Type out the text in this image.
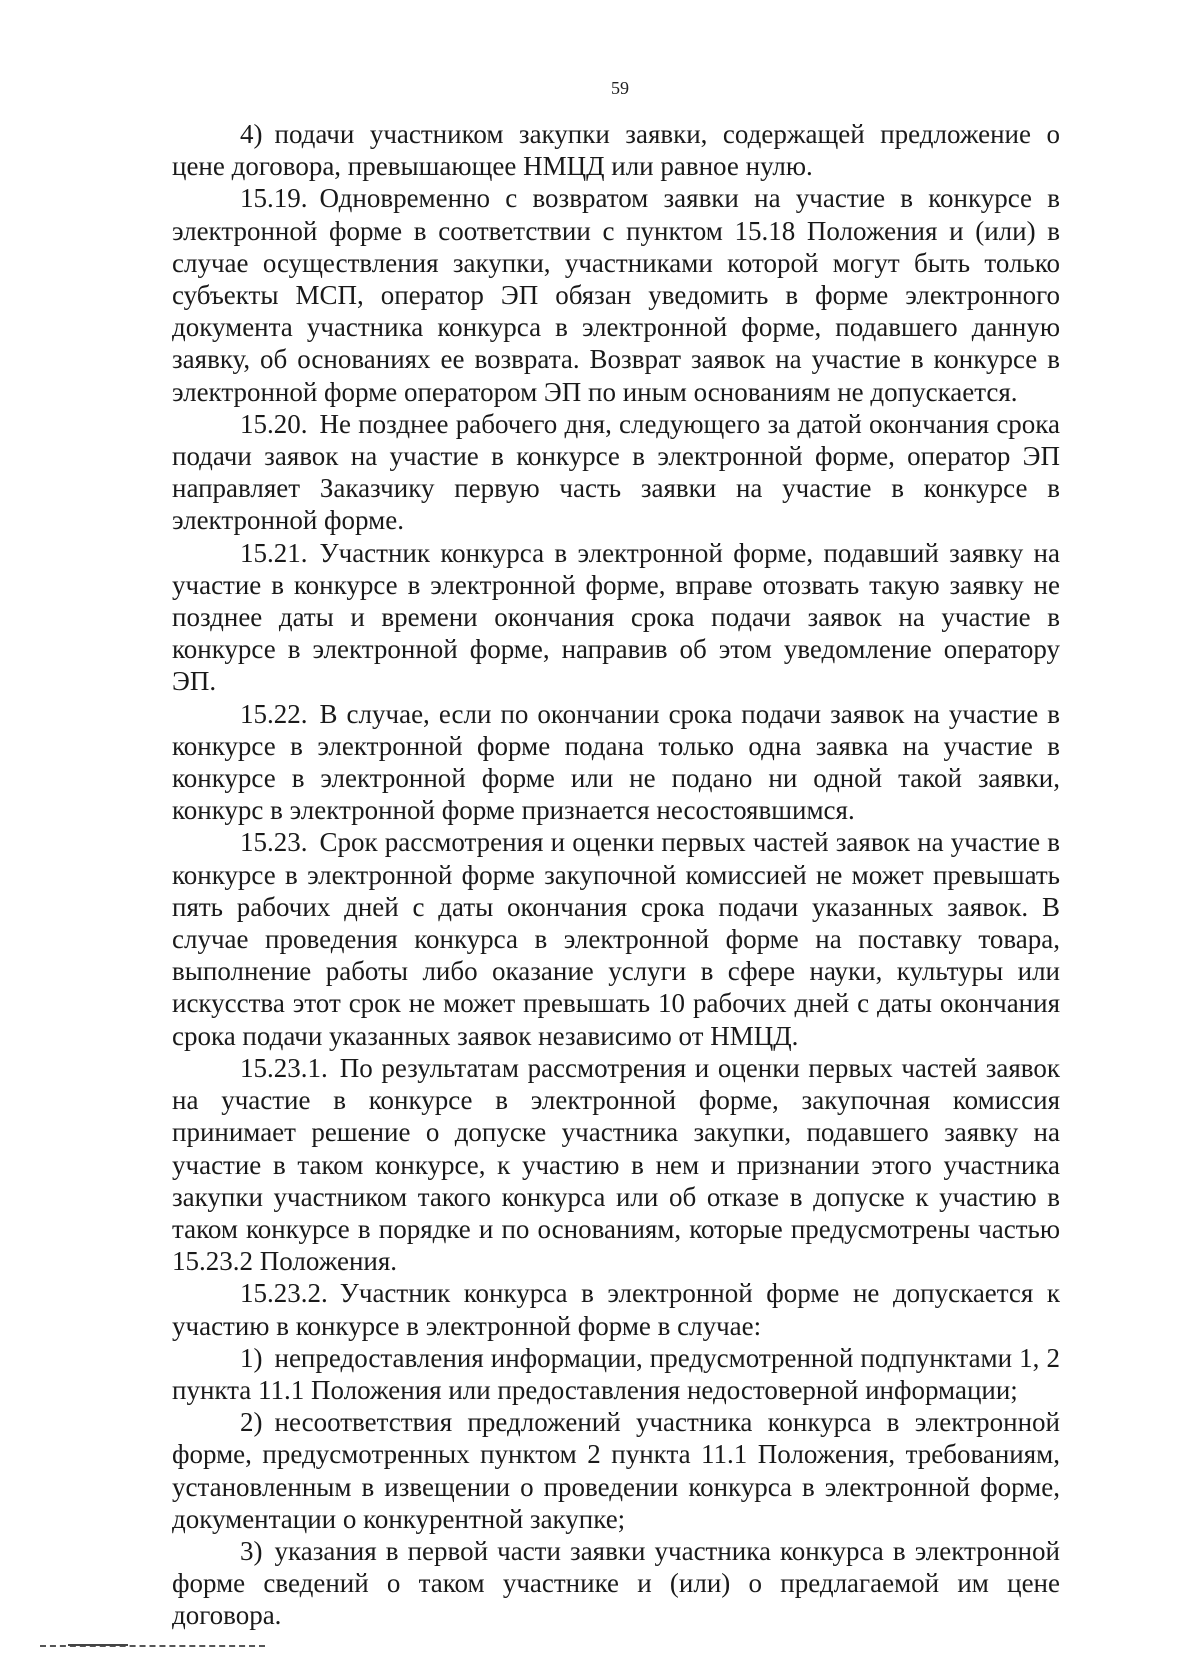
59

4) подачи участником закупки заявки, содержащей предложение о цене договора, превышающее НМЦД или равное нулю.

15.19. Одновременно с возвратом заявки на участие в конкурсе в электронной форме в соответствии с пунктом 15.18 Положения и (или) в случае осуществления закупки, участниками которой могут быть только субъекты МСП, оператор ЭП обязан уведомить в форме электронного документа участника конкурса в электронной форме, подавшего данную заявку, об основаниях ее возврата. Возврат заявок на участие в конкурсе в электронной форме оператором ЭП по иным основаниям не допускается.

15.20. Не позднее рабочего дня, следующего за датой окончания срока подачи заявок на участие в конкурсе в электронной форме, оператор ЭП направляет Заказчику первую часть заявки на участие в конкурсе в электронной форме.

15.21. Участник конкурса в электронной форме, подавший заявку на участие в конкурсе в электронной форме, вправе отозвать такую заявку не позднее даты и времени окончания срока подачи заявок на участие в конкурсе в электронной форме, направив об этом уведомление оператору ЭП.

15.22. В случае, если по окончании срока подачи заявок на участие в конкурсе в электронной форме подана только одна заявка на участие в конкурсе в электронной форме или не подано ни одной такой заявки, конкурс в электронной форме признается несостоявшимся.

15.23. Срок рассмотрения и оценки первых частей заявок на участие в конкурсе в электронной форме закупочной комиссией не может превышать пять рабочих дней с даты окончания срока подачи указанных заявок. В случае проведения конкурса в электронной форме на поставку товара, выполнение работы либо оказание услуги в сфере науки, культуры или искусства этот срок не может превышать 10 рабочих дней с даты окончания срока подачи указанных заявок независимо от НМЦД.

15.23.1. По результатам рассмотрения и оценки первых частей заявок на участие в конкурсе в электронной форме, закупочная комиссия принимает решение о допуске участника закупки, подавшего заявку на участие в таком конкурсе, к участию в нем и признании этого участника закупки участником такого конкурса или об отказе в допуске к участию в таком конкурсе в порядке и по основаниям, которые предусмотрены частью 15.23.2 Положения.

15.23.2. Участник конкурса в электронной форме не допускается к участию в конкурсе в электронной форме в случае:

1) непредоставления информации, предусмотренной подпунктами 1, 2 пункта 11.1 Положения или предоставления недостоверной информации;

2) несоответствия предложений участника конкурса в электронной форме, предусмотренных пунктом 2 пункта 11.1 Положения, требованиям, установленным в извещении о проведении конкурса в электронной форме, документации о конкурентной закупке;

3) указания в первой части заявки участника конкурса в электронной форме сведений о таком участнике и (или) о предлагаемой им цене договора.
